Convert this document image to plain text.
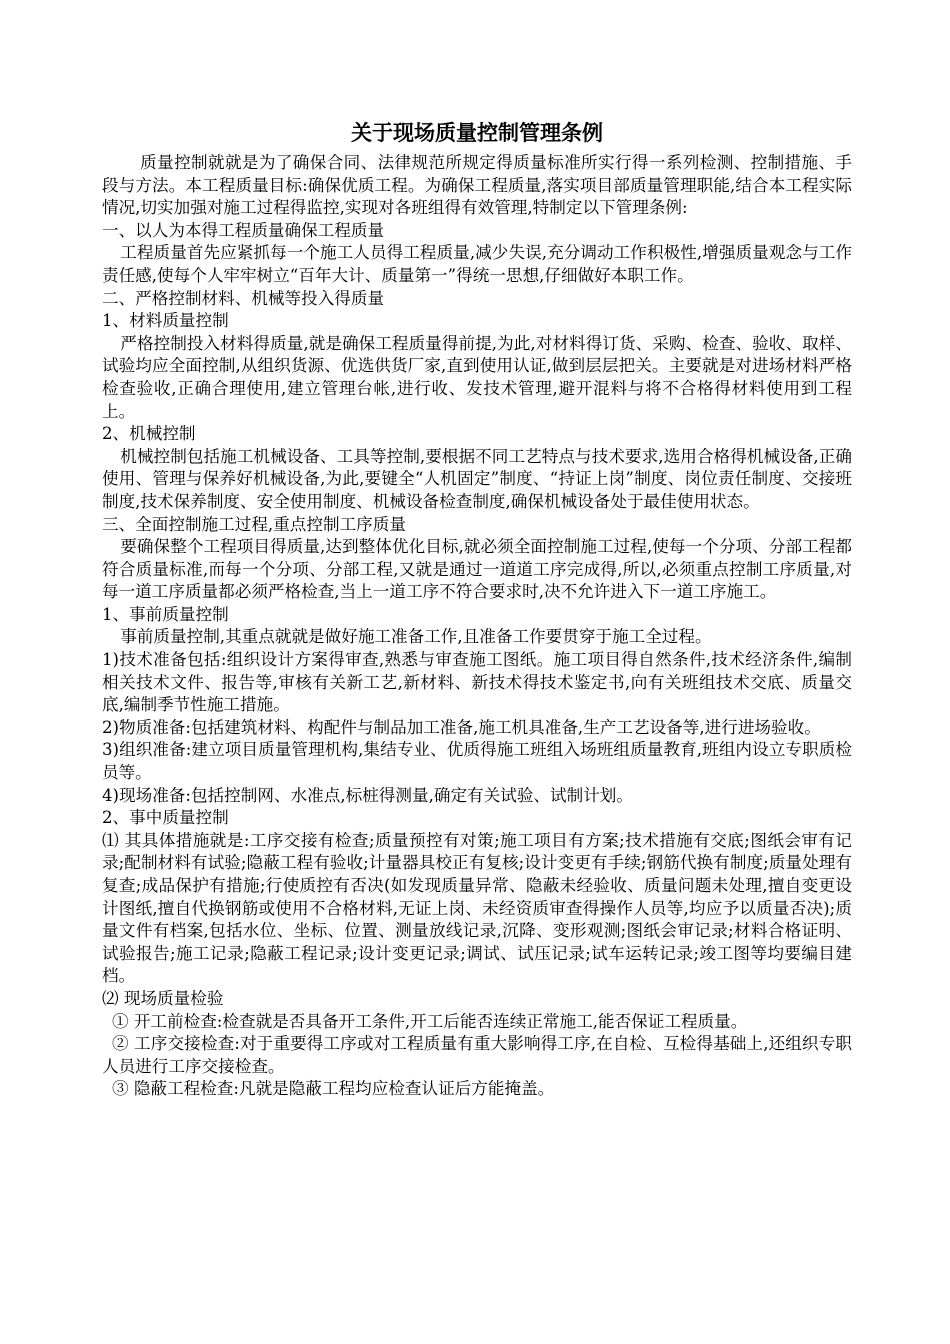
关于现场质量控制管理条例

质量控制就就是为了确保合同、法律规范所规定得质量标准所实行得一系列检测、控制措施、手段与方法。本工程质量目标:确保优质工程。为确保工程质量,落实项目部质量管理职能,结合本工程实际情况,切实加强对施工过程得监控,实现对各班组得有效管理,特制定以下管理条例:

一、以人为本得工程质量确保工程质量

工程质量首先应紧抓每一个施工人员得工程质量,减少失误,充分调动工作积极性,增强质量观念与工作责任感,使每个人牢牢树立“百年大计、质量第一”得统一思想,仔细做好本职工作。

二、严格控制材料、机械等投入得质量

1、材料质量控制

严格控制投入材料得质量,就是确保工程质量得前提,为此,对材料得订货、采购、检查、验收、取样、试验均应全面控制,从组织货源、优选供货厂家,直到使用认证,做到层层把关。主要就是对进场材料严格检查验收,正确合理使用,建立管理台帐,进行收、发技术管理,避开混料与将不合格得材料使用到工程上。

2、机械控制

机械控制包括施工机械设备、工具等控制,要根据不同工艺特点与技术要求,选用合格得机械设备,正确使用、管理与保养好机械设备,为此,要键全“人机固定”制度、“持证上岗”制度、岗位责任制度、交接班制度,技术保养制度、安全使用制度、机械设备检查制度,确保机械设备处于最佳使用状态。

三、全面控制施工过程,重点控制工序质量

要确保整个工程项目得质量,达到整体优化目标,就必须全面控制施工过程,使每一个分项、分部工程都符合质量标准,而每一个分项、分部工程,又就是通过一道道工序完成得,所以,必须重点控制工序质量,对每一道工序质量都必须严格检查,当上一道工序不符合要求时,决不允许进入下一道工序施工。

1、事前质量控制

事前质量控制,其重点就就是做好施工准备工作,且准备工作要贯穿于施工全过程。

1)技术准备包括:组织设计方案得审查,熟悉与审查施工图纸。施工项目得自然条件,技术经济条件,编制相关技术文件、报告等,审核有关新工艺,新材料、新技术得技术鉴定书,向有关班组技术交底、质量交底,编制季节性施工措施。

2)物质准备:包括建筑材料、构配件与制品加工准备,施工机具准备,生产工艺设备等,进行进场验收。

3)组织准备:建立项目质量管理机构,集结专业、优质得施工班组入场班组质量教育,班组内设立专职质检员等。

4)现场准备:包括控制网、水准点,标桩得测量,确定有关试验、试制计划。

2、事中质量控制

⑴ 其具体措施就是:工序交接有检查;质量预控有对策;施工项目有方案;技术措施有交底;图纸会审有记录;配制材料有试验;隐蔽工程有验收;计量器具校正有复核;设计变更有手续;钢筋代换有制度;质量处理有复查;成品保护有措施;行使质控有否决(如发现质量异常、隐蔽未经验收、质量问题未处理,擅自变更设计图纸,擅自代换钢筋或使用不合格材料,无证上岗、未经资质审查得操作人员等,均应予以质量否决);质量文件有档案,包括水位、坐标、位置、测量放线记录,沉降、变形观测;图纸会审记录;材料合格证明、试验报告;施工记录;隐蔽工程记录;设计变更记录;调试、试压记录;试车运转记录;竣工图等均要编目建档。

⑵ 现场质量检验

① 开工前检查:检查就是否具备开工条件,开工后能否连续正常施工,能否保证工程质量。

② 工序交接检查:对于重要得工序或对工程质量有重大影响得工序,在自检、互检得基础上,还组织专职人员进行工序交接检查。

③ 隐蔽工程检查:凡就是隐蔽工程均应检查认证后方能掩盖。
